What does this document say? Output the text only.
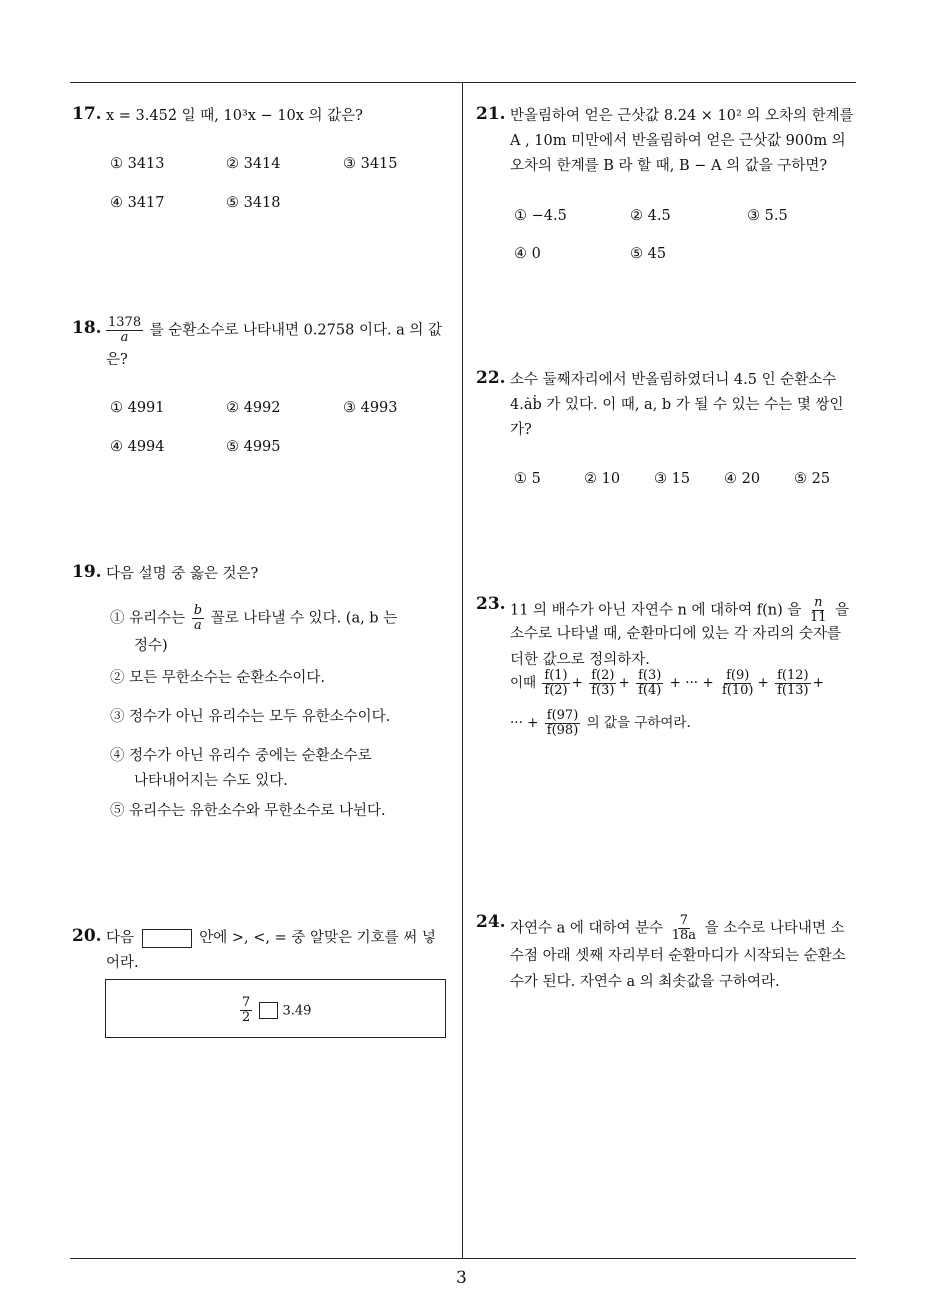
17. x = 3.452̇ 일 때, 10³x − 10x 의 값은?
① 3413	② 3414	③ 3415
④ 3417	⑤ 3418
18. $\frac{1378}{a}$ 를 순환소수로 나타내면 0.2758 이다. a 의 값
은?
① 4991	② 4992	③ 4993
④ 4994	⑤ 4995
19. 다음 설명 중 옳은 것은?
① 유리수는 $\frac{b}{a}$ 꼴로 나타낼 수 있다. (a, b 는
정수)
② 모든 무한소수는 순환소수이다.
③ 정수가 아닌 유리수는 모두 유한소수이다.
④ 정수가 아닌 유리수 중에는 순환소수로
나타내어지는 수도 있다.
⑤ 유리수는 유한소수와 무한소수로 나뉜다.
20. 다음	안에 >, <, = 중 알맞은 기호를 써 넣
어라.
$\frac{7}{2}$ 3.49̇
21. 반올림하여 얻은 근삿값 8.24 × 10² 의 오차의 한계를
A , 10m 미만에서 반올림하여 얻은 근삿값 900m 의
오차의 한계를 B 라 할 때, B − A 의 값을 구하면?
① −4.5	② 4.5	③ 5.5
④ 0	⑤ 45
22. 소수 둘째자리에서 반올림하였더니 4.5 인 순환소수
4.ȧḃ 가 있다. 이 때, a, b 가 될 수 있는 수는 몇 쌍인
가?
① 5	② 10 ③ 15 ④ 20 ⑤ 25
23. 11 의 배수가 아닌 자연수 n 에 대하여 f(n) 을 $\frac{n}{11}$ 을
소수로 나타낼 때, 순환마디에 있는 각 자리의 숫자를
더한 값으로 정의하자.
이때 $\frac{f(1)}{f(2)} + \frac{f(2)}{f(3)} + \frac{f(3)}{f(4)}$ + ··· + $\frac{f(9)}{f(10)} + \frac{f(12)}{f(13)}$ +
··· + $\frac{f(97)}{f(98)}$ 의 값을 구하여라.
24. 자연수 a 에 대하여 분수 $\frac{7}{18a}$ 을 소수로 나타내면 소
수점 아래 셋째 자리부터 순환마디가 시작되는 순환소
수가 된다. 자연수 a 의 최솟값을 구하여라.
3
